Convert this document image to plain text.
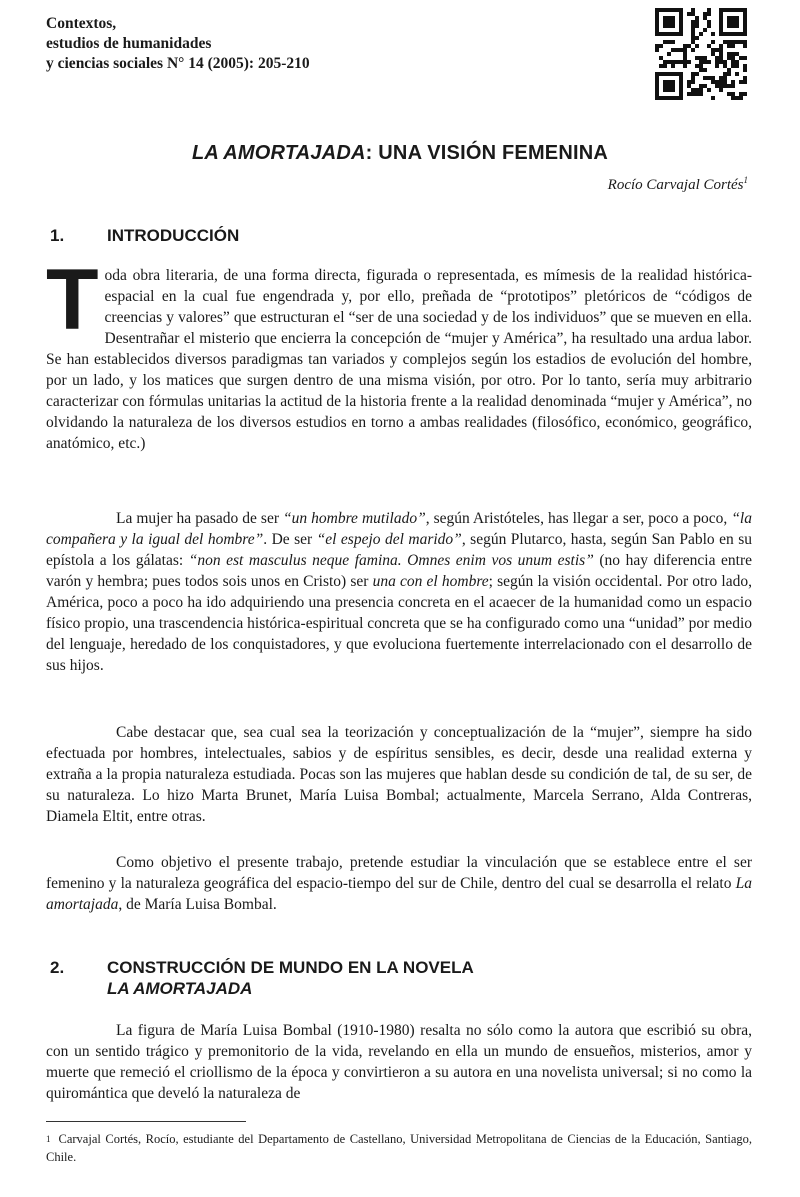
Contextos,
estudios de humanidades
y ciencias sociales N° 14 (2005): 205-210
LA AMORTAJADA: UNA VISIÓN FEMENINA
Rocío Carvajal Cortés$^1$
1.	INTRODUCCIÓN

Toda obra literaria, de una forma directa, figurada o representada, es mímesis de la realidad histórica-espacial en la cual fue engendrada y, por ello, preñada de “prototipos” pletóricos de “códigos de creencias y valores” que estructuran el “ser de una sociedad y de los individuos” que se mueven en ella. Desentrañar el misterio que encierra la concepción de “mujer y América”, ha resultado una ardua labor. Se han establecidos diversos paradigmas tan variados y complejos según los estadios de evolución del hombre, por un lado, y los matices que surgen dentro de una misma visión, por otro. Por lo tanto, sería muy arbitrario caracterizar con fórmulas unitarias la actitud de la historia frente a la realidad denominada “mujer y América”, no olvidando la naturaleza de los diversos estudios en torno a ambas realidades (filosófico, económico, geográfico, anatómico, etc.)

La mujer ha pasado de ser “un hombre mutilado”, según Aristóteles, has llegar a ser, poco a poco, “la compañera y la igual del hombre”. De ser “el espejo del marido”, según Plutarco, hasta, según San Pablo en su epístola a los gálatas: “non est masculus neque famina. Omnes enim vos unum estis” (no hay diferencia entre varón y hembra; pues todos sois unos en Cristo) ser una con el hombre; según la visión occidental. Por otro lado, América, poco a poco ha ido adquiriendo una presencia concreta en el acaecer de la humanidad como un espacio físico propio, una trascendencia histórica-espiritual concreta que se ha configurado como una “unidad” por medio del lenguaje, heredado de los conquistadores, y que evoluciona fuertemente interrelacionado con el desarrollo de sus hijos.

Cabe destacar que, sea cual sea la teorización y conceptualización de la “mujer”, siempre ha sido efectuada por hombres, intelectuales, sabios y de espíritus sensibles, es decir, desde una realidad externa y extraña a la propia naturaleza estudiada. Pocas son las mujeres que hablan desde su condición de tal, de su ser, de su naturaleza. Lo hizo Marta Brunet, María Luisa Bombal; actualmente, Marcela Serrano, Alda Contreras, Diamela Eltit, entre otras.

Como objetivo el presente trabajo, pretende estudiar la vinculación que se establece entre el ser femenino y la naturaleza geográfica del espacio-tiempo del sur de Chile, dentro del cual se desarrolla el relato La amortajada, de María Luisa Bombal.

2.	CONSTRUCCIÓN DE MUNDO EN LA NOVELA
LA AMORTAJADA

La figura de María Luisa Bombal (1910-1980) resalta no sólo como la autora que escribió su obra, con un sentido trágico y premonitorio de la vida, revelando en ella un mundo de ensueños, misterios, amor y muerte que remeció el criollismo de la época y convirtieron a su autora en una novelista universal; si no como la quiromántica que develó la naturaleza de

$^1$ Carvajal Cortés, Rocío, estudiante del Departamento de Castellano, Universidad Metropolitana de Ciencias de la Educación, Santiago, Chile.
